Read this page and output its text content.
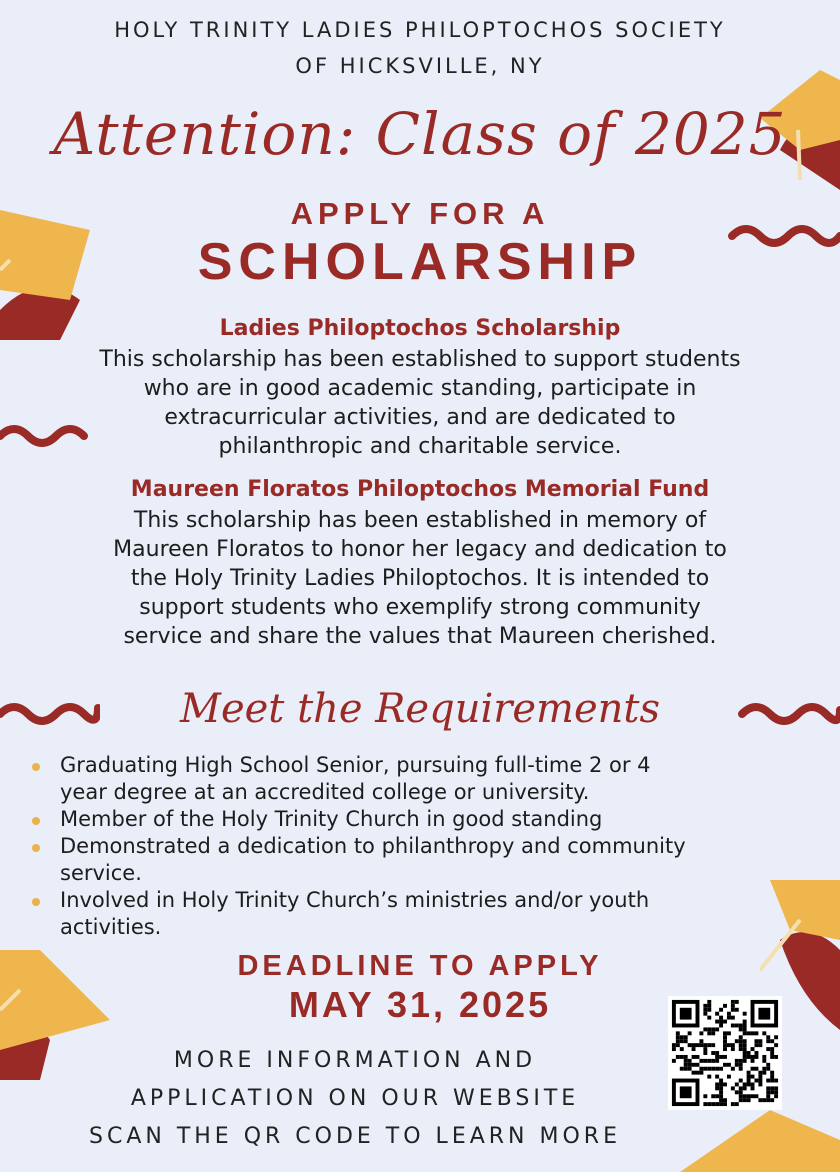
HOLY TRINITY LADIES PHILOPTOCHOS SOCIETY
OF HICKSVILLE, NY
Attention: Class of 2025
APPLY FOR A
SCHOLARSHIP
Ladies Philoptochos Scholarship
This scholarship has been established to support students
who are in good academic standing, participate in
extracurricular activities, and are dedicated to
philanthropic and charitable service.
Maureen Floratos Philoptochos Memorial Fund
This scholarship has been established in memory of
Maureen Floratos to honor her legacy and dedication to
the Holy Trinity Ladies Philoptochos. It is intended to
support students who exemplify strong community
service and share the values that Maureen cherished.
Meet the Requirements
Graduating High School Senior, pursuing full-time 2 or 4
year degree at an accredited college or university.
Member of the Holy Trinity Church in good standing
Demonstrated a dedication to philanthropy and community
service.
Involved in Holy Trinity Church’s ministries and/or youth
activities.
DEADLINE TO APPLY
MAY 31, 2025
MORE INFORMATION AND
APPLICATION ON OUR WEBSITE
SCAN THE QR CODE TO LEARN MORE
